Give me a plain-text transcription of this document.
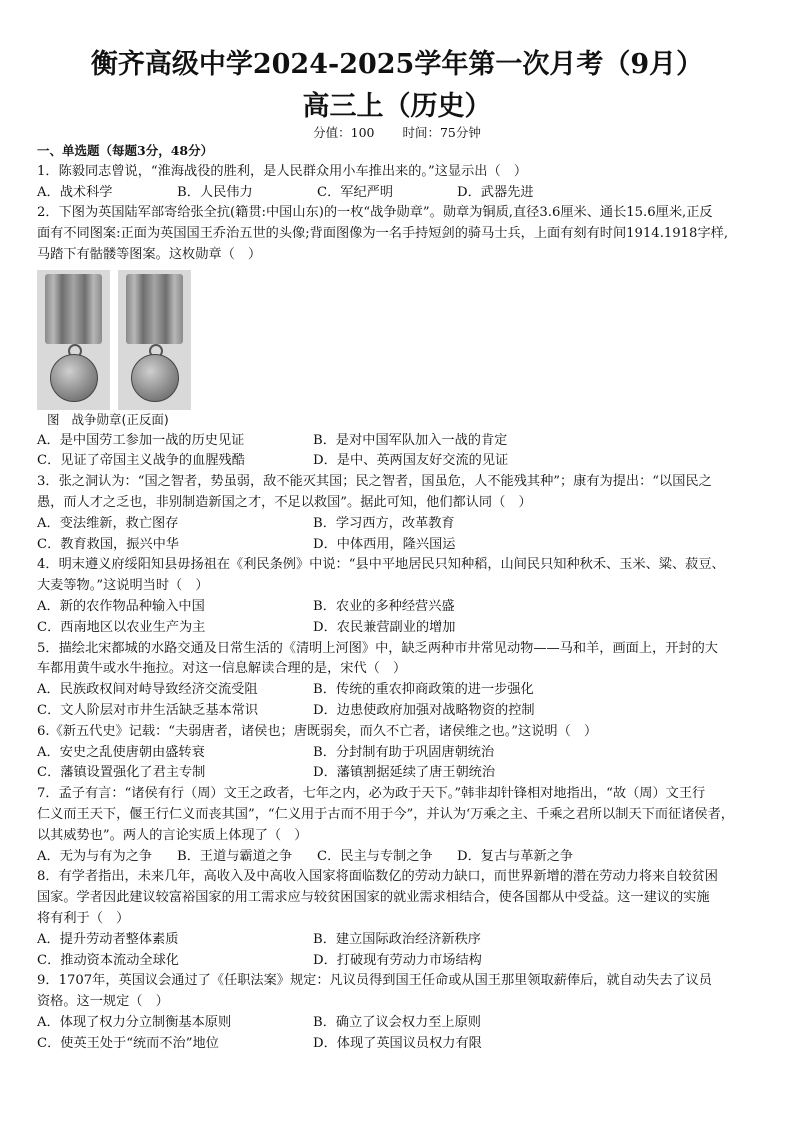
衡齐高级中学2024-2025学年第一次月考（9月）
高三上（历史）
分值：100 时间：75分钟
一、单选题（每题3分，48分）
1．陈毅同志曾说，“淮海战役的胜利，是人民群众用小车推出来的。”这显示出（　）
A．战术科学	B．人民伟力	C．军纪严明	D．武器先进
2．下图为英国陆军部寄给张全抗(籍贯:中国山东)的一枚“战争勋章”。勋章为铜质,直径3.6厘米、通长15.6厘米,正反
面有不同图案:正面为英国国王乔治五世的头像;背面图像为一名手持短剑的骑马士兵，上面有刻有时间1914.1918字样,
马踏下有骷髅等图案。这枚勋章（　）
图 战争勋章(正反面)
A．是中国劳工参加一战的历史见证	B．是对中国军队加入一战的肯定
C．见证了帝国主义战争的血腥残酷	D．是中、英两国友好交流的见证
3．张之洞认为：“国之智者，势虽弱，敌不能灭其国；民之智者，国虽危，人不能残其种”；康有为提出：“以国民之
愚，而人才之乏也，非别制造新国之才，不足以救国”。据此可知，他们都认同（　）
A．变法维新，救亡图存	B．学习西方，改革教育
C．教育救国，振兴中华	D．中体西用，隆兴国运
4．明末遵义府绥阳知县毋扬祖在《利民条例》中说：“县中平地居民只知种稻，山间民只知种秋禾、玉米、粱、菽豆、
大麦等物。”这说明当时（　）
A．新的农作物品种输入中国	B．农业的多种经营兴盛
C．西南地区以农业生产为主	D．农民兼营副业的增加
5．描绘北宋都城的水路交通及日常生活的《清明上河图》中，缺乏两种市井常见动物——马和羊，画面上，开封的大
车都用黄牛或水牛拖拉。对这一信息解读合理的是，宋代（　）
A．民族政权间对峙导致经济交流受阻	B．传统的重农抑商政策的进一步强化
C．文人阶层对市井生活缺乏基本常识	D．边患使政府加强对战略物资的控制
6.《新五代史》记载：“夫弱唐者，诸侯也；唐既弱矣，而久不亡者，诸侯维之也。”这说明（　）
A．安史之乱使唐朝由盛转衰	B．分封制有助于巩固唐朝统治
C．藩镇设置强化了君主专制	D．藩镇割据延续了唐王朝统治
7．孟子有言：“诸侯有行（周）文王之政者，七年之内，必为政于天下。”韩非却针锋相对地指出，“故（周）文王行
仁义而王天下，偃王行仁义而丧其国”，“仁义用于古而不用于今”，并认为‘万乘之主、千乘之君所以制天下而征诸侯者，
以其威势也”。两人的言论实质上体现了（　）
A．无为与有为之争	B．王道与霸道之争	C．民主与专制之争	D．复古与革新之争
8．有学者指出，未来几年，高收入及中高收入国家将面临数亿的劳动力缺口，而世界新增的潜在劳动力将来自较贫困
国家。学者因此建议较富裕国家的用工需求应与较贫困国家的就业需求相结合，使各国都从中受益。这一建议的实施
将有利于（　）
A．提升劳动者整体素质	B．建立国际政治经济新秩序
C．推动资本流动全球化	D．打破现有劳动力市场结构
9．1707年，英国议会通过了《任职法案》规定：凡议员得到国王任命或从国王那里领取薪俸后，就自动失去了议员
资格。这一规定（　）
A．体现了权力分立制衡基本原则	B．确立了议会权力至上原则
C．使英王处于“统而不治”地位	D．体现了英国议员权力有限
